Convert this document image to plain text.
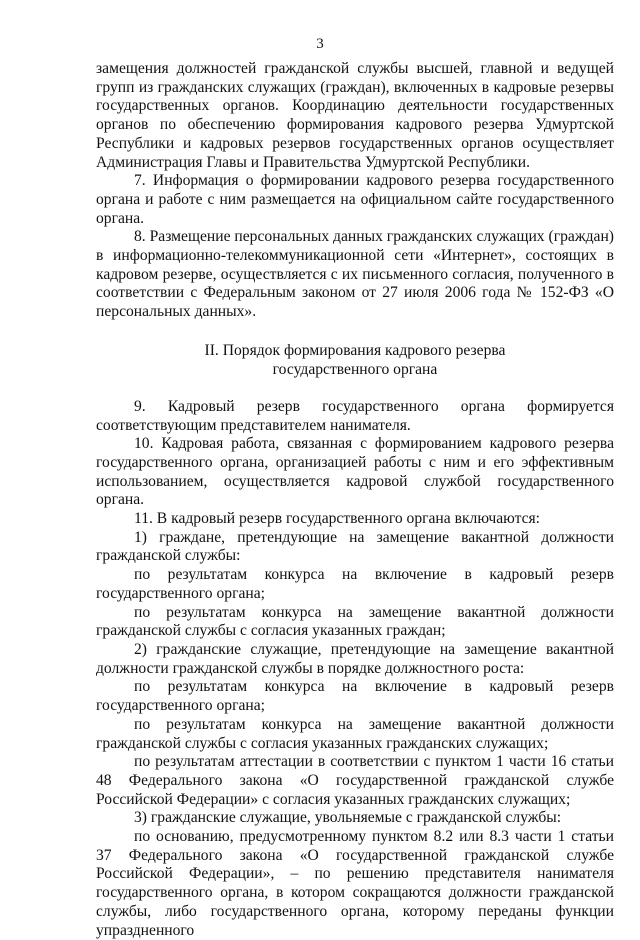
3

замещения должностей гражданской службы высшей, главной и ведущей групп из гражданских служащих (граждан), включенных в кадровые резервы государственных органов. Координацию деятельности государственных органов по обеспечению формирования кадрового резерва Удмуртской Республики и кадровых резервов государственных органов осуществляет Администрация Главы и Правительства Удмуртской Республики.

7. Информация о формировании кадрового резерва государственного органа и работе с ним размещается на официальном сайте государственного органа.

8. Размещение персональных данных гражданских служащих (граждан) в информационно-телекоммуникационной сети «Интернет», состоящих в кадровом резерве, осуществляется с их письменного согласия, полученного в соответствии с Федеральным законом от 27 июля 2006 года № 152-ФЗ «О персональных данных».

II. Порядок формирования кадрового резерва

государственного органа

9. Кадровый резерв государственного органа формируется соответствующим представителем нанимателя.

10. Кадровая работа, связанная с формированием кадрового резерва государственного органа, организацией работы с ним и его эффективным использованием, осуществляется кадровой службой государственного органа.

11. В кадровый резерв государственного органа включаются:

1) граждане, претендующие на замещение вакантной должности гражданской службы:

по результатам конкурса на включение в кадровый резерв государственного органа;

по результатам конкурса на замещение вакантной должности гражданской службы с согласия указанных граждан;

2) гражданские служащие, претендующие на замещение вакантной должности гражданской службы в порядке должностного роста:

по результатам конкурса на включение в кадровый резерв государственного органа;

по результатам конкурса на замещение вакантной должности гражданской службы с согласия указанных гражданских служащих;

по результатам аттестации в соответствии с пунктом 1 части 16 статьи 48 Федерального закона «О государственной гражданской службе Российской Федерации» с согласия указанных гражданских служащих;

3) гражданские служащие, увольняемые с гражданской службы:

по основанию, предусмотренному пунктом 8.2 или 8.3 части 1 статьи 37 Федерального закона «О государственной гражданской службе Российской Федерации», – по решению представителя нанимателя государственного органа, в котором сокращаются должности гражданской службы, либо государственного органа, которому переданы функции упраздненного
